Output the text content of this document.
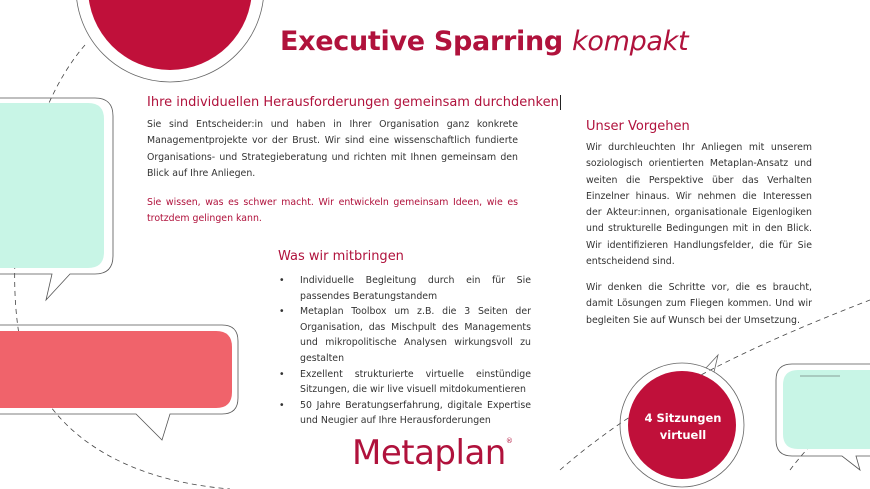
Executive Sparring kompakt
Ihre individuellen Herausforderungen gemeinsam durchdenken
Sie sind Entscheider:in und haben in Ihrer Organisation ganz konkrete Managementprojekte vor der Brust. Wir sind eine wissenschaftlich fundierte Organisations- und Strategieberatung und richten mit Ihnen gemeinsam den Blick auf Ihre Anliegen.
Sie wissen, was es schwer macht. Wir entwickeln gemeinsam Ideen, wie es trotzdem gelingen kann.
Was wir mitbringen
• Individuelle Begleitung durch ein für Sie passendes Beratungstandem
• Metaplan Toolbox um z.B. die 3 Seiten der Organisation, das Mischpult des Managements und mikropolitische Analysen wirkungsvoll zu gestalten
• Exzellent strukturierte virtuelle einstündige Sitzungen, die wir live visuell mitdokumentieren
• 50 Jahre Beratungserfahrung, digitale Expertise und Neugier auf Ihre Herausforderungen
Unser Vorgehen
Wir durchleuchten Ihr Anliegen mit unserem soziologisch orientierten Metaplan-Ansatz und weiten die Perspektive über das Verhalten Einzelner hinaus. Wir nehmen die Interessen der Akteur:innen, organisationale Eigenlogiken und strukturelle Bedingungen mit in den Blick. Wir identifizieren Handlungsfelder, die für Sie entscheidend sind.
Wir denken die Schritte vor, die es braucht, damit Lösungen zum Fliegen kommen. Und wir begleiten Sie auf Wunsch bei der Umsetzung.
4 Sitzungen
virtuell
Metaplan®
